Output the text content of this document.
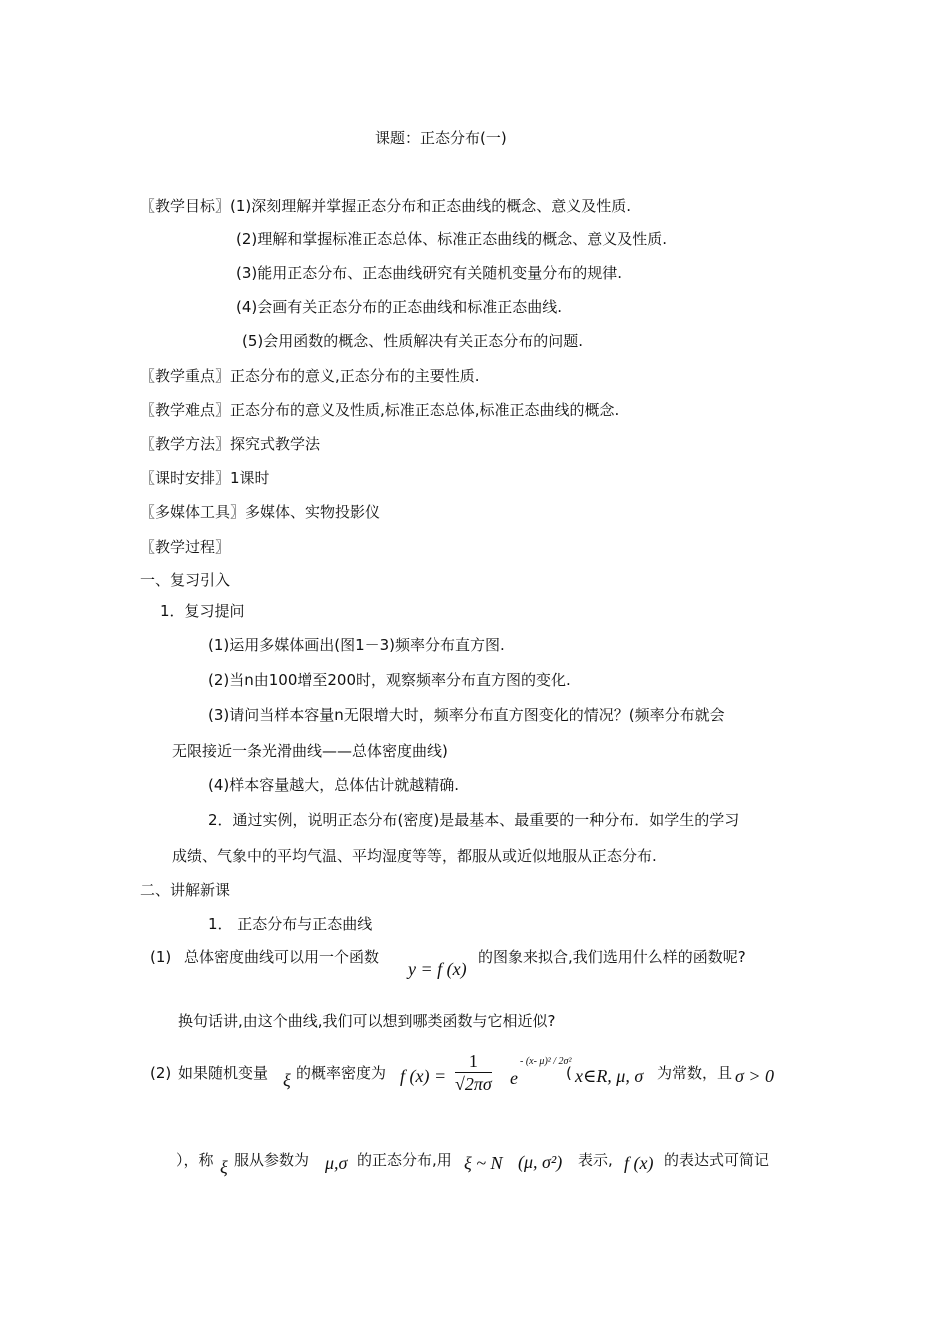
课题：正态分布(一)
〖教学目标〗(1)深刻理解并掌握正态分布和正态曲线的概念、意义及性质.
(2)理解和掌握标准正态总体、标准正态曲线的概念、意义及性质.
(3)能用正态分布、正态曲线研究有关随机变量分布的规律.
(4)会画有关正态分布的正态曲线和标准正态曲线.
(5)会用函数的概念、性质解决有关正态分布的问题.
〖教学重点〗正态分布的意义,正态分布的主要性质.
〖教学难点〗正态分布的意义及性质,标准正态总体,标准正态曲线的概念.
〖教学方法〗探究式教学法
〖课时安排〗1课时
〖多媒体工具〗多媒体、实物投影仪
〖教学过程〗
一、复习引入
1．复习提问
(1)运用多媒体画出(图1－3)频率分布直方图.
(2)当n由100增至200时，观察频率分布直方图的变化.
(3)请问当样本容量n无限增大时，频率分布直方图变化的情况？(频率分布就会
无限接近一条光滑曲线——总体密度曲线)
(4)样本容量越大，总体估计就越精确.
2．通过实例，说明正态分布(密度)是最基本、最重要的一种分布．如学生的学习
成绩、气象中的平均气温、平均湿度等等，都服从或近似地服从正态分布.
二、讲解新课
1． 正态分布与正态曲线
(1) 总体密度曲线可以用一个函数
y = f (x)
的图象来拟合,我们选用什么样的函数呢?
换句话讲,由这个曲线,我们可以想到哪类函数与它相近似?
(2) 如果随机变量 ξ 的概率密度为 f $(x) = \frac{1}{√2\pi\sigma}$ e
- (x- μ)² / 2σ²
( x∈R, μ, σ 为常数，且 σ > 0
），称 ξ 服从参数为 μ,σ 的正态分布,用 ξ ~ N (μ, σ²) 表示, f (x) 的表达式可简记
